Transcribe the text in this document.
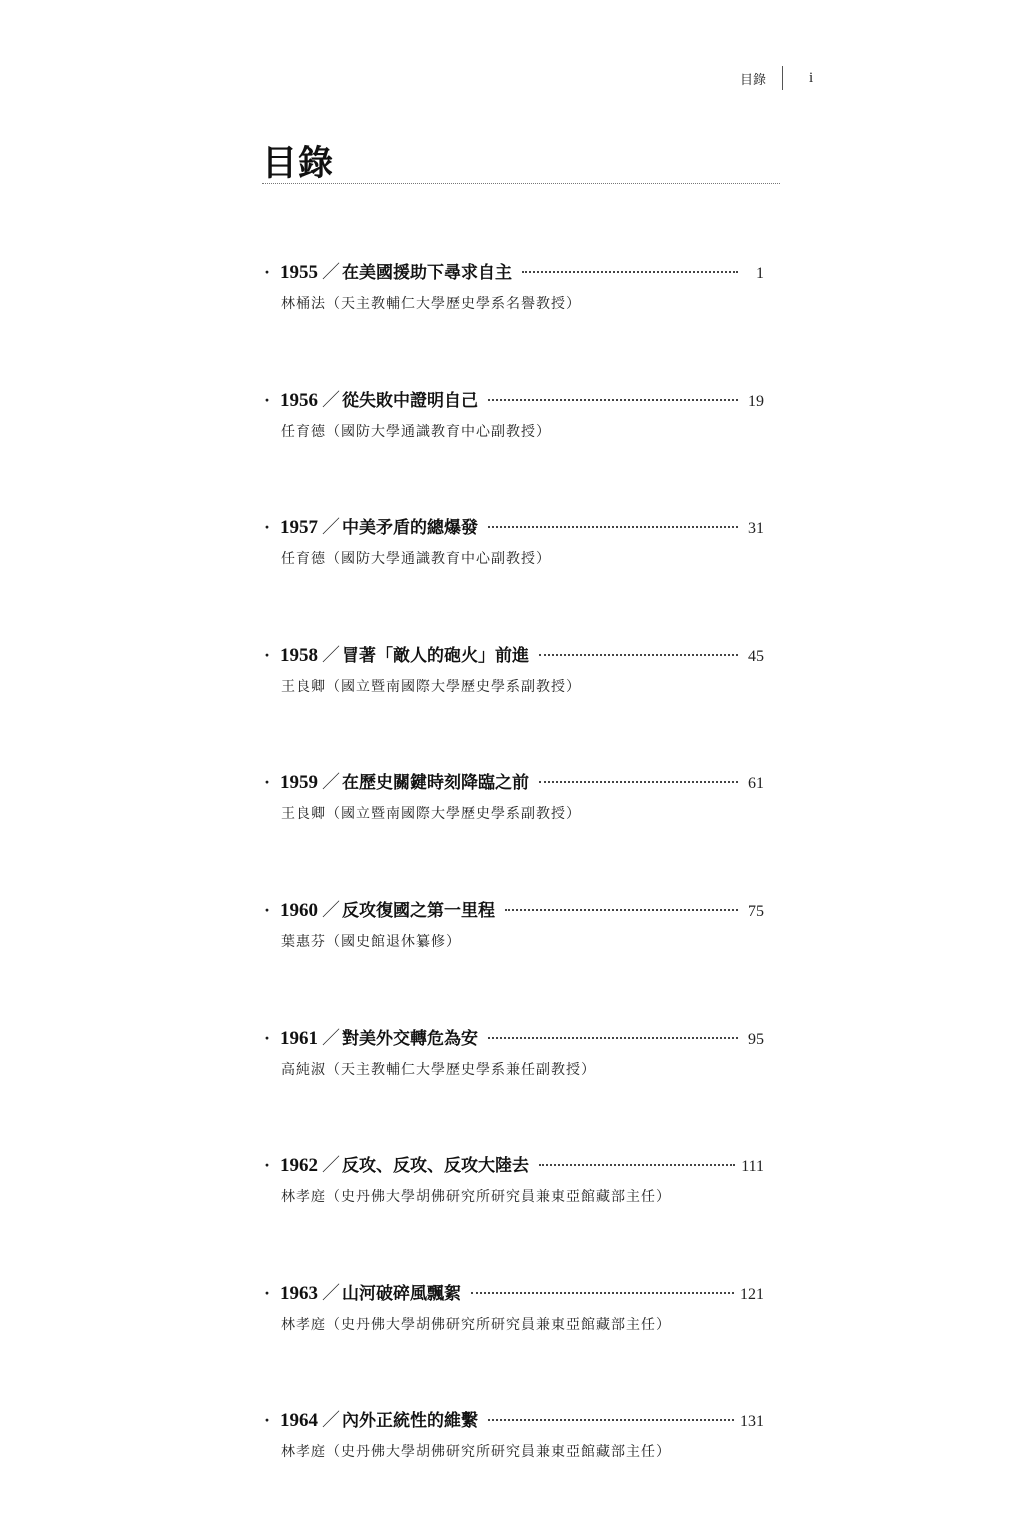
目錄	i
目錄
· 1955 ／ 在美國援助下尋求自主	1
林桶法（天主教輔仁大學歷史學系名譽教授）
· 1956 ／ 從失敗中證明自己	19
任育德（國防大學通識教育中心副教授）
· 1957 ／ 中美矛盾的總爆發	31
任育德（國防大學通識教育中心副教授）
· 1958 ／ 冒著「敵人的砲火」前進	45
王良卿（國立暨南國際大學歷史學系副教授）
· 1959 ／ 在歷史關鍵時刻降臨之前	61
王良卿（國立暨南國際大學歷史學系副教授）
· 1960 ／ 反攻復國之第一里程	75
葉惠芬（國史館退休纂修）
· 1961 ／ 對美外交轉危為安	95
高純淑（天主教輔仁大學歷史學系兼任副教授）
· 1962 ／ 反攻、反攻、反攻大陸去	111
林孝庭（史丹佛大學胡佛研究所研究員兼東亞館藏部主任）
· 1963 ／ 山河破碎風飄絮	121
林孝庭（史丹佛大學胡佛研究所研究員兼東亞館藏部主任）
· 1964 ／ 內外正統性的維繫	131
林孝庭（史丹佛大學胡佛研究所研究員兼東亞館藏部主任）
